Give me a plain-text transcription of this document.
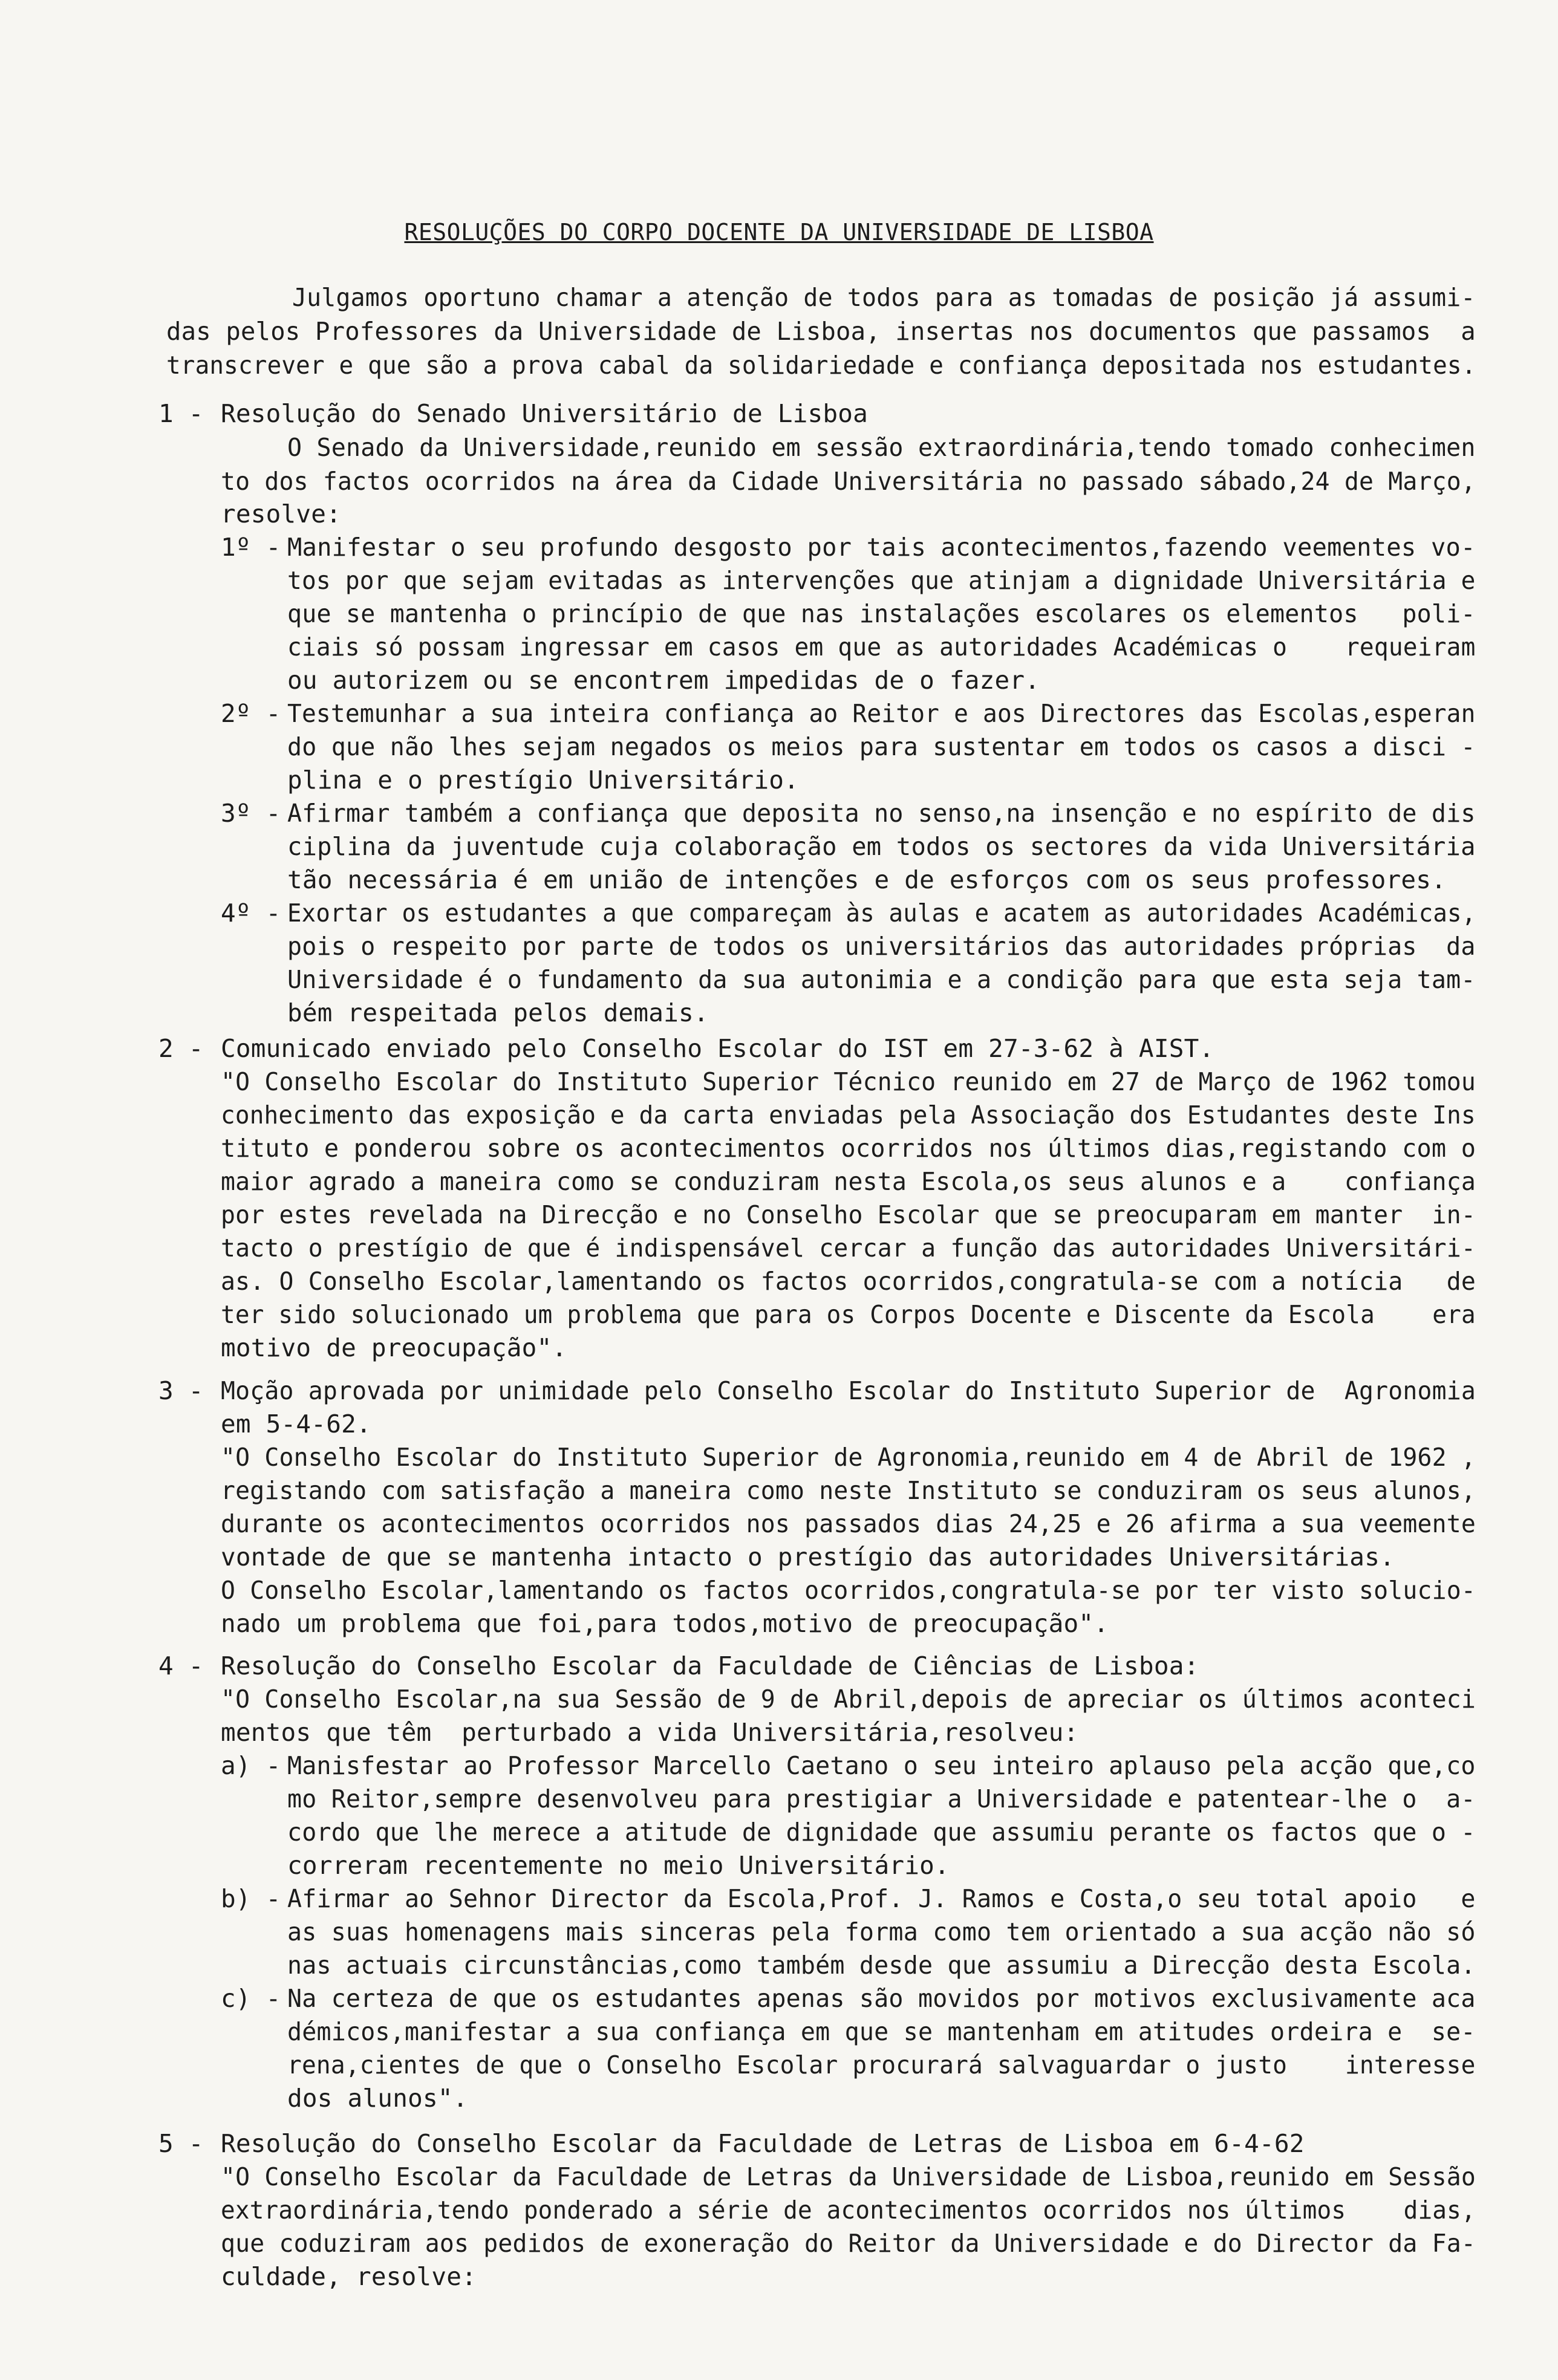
RESOLUÇÕES DO CORPO DOCENTE DA UNIVERSIDADE DE LISBOA
Julgamos oportuno chamar a atenção de todos para as tomadas de posição já assumi-
das pelos Professores da Universidade de Lisboa, insertas nos documentos que passamos  a
transcrever e que são a prova cabal da solidariedade e confiança depositada nos estudantes.
1 - Resolução do Senado Universitário de Lisboa
O Senado da Universidade,reunido em sessão extraordinária,tendo tomado conhecimen
to dos factos ocorridos na área da Cidade Universitária no passado sábado,24 de Março,
resolve:
1º - Manifestar o seu profundo desgosto por tais acontecimentos,fazendo veementes vo-
tos por que sejam evitadas as intervenções que atinjam a dignidade Universitária e
que se mantenha o princípio de que nas instalações escolares os elementos   poli-
ciais só possam ingressar em casos em que as autoridades Académicas o    requeiram
ou autorizem ou se encontrem impedidas de o fazer.
2º - Testemunhar a sua inteira confiança ao Reitor e aos Directores das Escolas,esperan
do que não lhes sejam negados os meios para sustentar em todos os casos a disci -
plina e o prestígio Universitário.
3º - Afirmar também a confiança que deposita no senso,na insenção e no espírito de dis
ciplina da juventude cuja colaboração em todos os sectores da vida Universitária
tão necessária é em união de intenções e de esforços com os seus professores.
4º - Exortar os estudantes a que compareçam às aulas e acatem as autoridades Académicas,
pois o respeito por parte de todos os universitários das autoridades próprias  da
Universidade é o fundamento da sua autonimia e a condição para que esta seja tam-
bém respeitada pelos demais.
2 - Comunicado enviado pelo Conselho Escolar do IST em 27-3-62 à AIST.
"O Conselho Escolar do Instituto Superior Técnico reunido em 27 de Março de 1962 tomou
conhecimento das exposição e da carta enviadas pela Associação dos Estudantes deste Ins
tituto e ponderou sobre os acontecimentos ocorridos nos últimos dias,registando com o
maior agrado a maneira como se conduziram nesta Escola,os seus alunos e a    confiança
por estes revelada na Direcção e no Conselho Escolar que se preocuparam em manter  in-
tacto o prestígio de que é indispensável cercar a função das autoridades Universitári-
as. O Conselho Escolar,lamentando os factos ocorridos,congratula-se com a notícia   de
ter sido solucionado um problema que para os Corpos Docente e Discente da Escola    era
motivo de preocupação".
3 - Moção aprovada por unimidade pelo Conselho Escolar do Instituto Superior de  Agronomia
em 5-4-62.
"O Conselho Escolar do Instituto Superior de Agronomia,reunido em 4 de Abril de 1962 ,
registando com satisfação a maneira como neste Instituto se conduziram os seus alunos,
durante os acontecimentos ocorridos nos passados dias 24,25 e 26 afirma a sua veemente
vontade de que se mantenha intacto o prestígio das autoridades Universitárias.
O Conselho Escolar,lamentando os factos ocorridos,congratula-se por ter visto solucio-
nado um problema que foi,para todos,motivo de preocupação".
4 - Resolução do Conselho Escolar da Faculdade de Ciências de Lisboa:
"O Conselho Escolar,na sua Sessão de 9 de Abril,depois de apreciar os últimos aconteci
mentos que têm  perturbado a vida Universitária,resolveu:
a) - Manisfestar ao Professor Marcello Caetano o seu inteiro aplauso pela acção que,co
mo Reitor,sempre desenvolveu para prestigiar a Universidade e patentear-lhe o  a-
cordo que lhe merece a atitude de dignidade que assumiu perante os factos que o -
correram recentemente no meio Universitário.
b) - Afirmar ao Sehnor Director da Escola,Prof. J. Ramos e Costa,o seu total apoio   e
as suas homenagens mais sinceras pela forma como tem orientado a sua acção não só
nas actuais circunstâncias,como também desde que assumiu a Direcção desta Escola.
c) - Na certeza de que os estudantes apenas são movidos por motivos exclusivamente aca
démicos,manifestar a sua confiança em que se mantenham em atitudes ordeira e  se-
rena,cientes de que o Conselho Escolar procurará salvaguardar o justo    interesse
dos alunos".
5 - Resolução do Conselho Escolar da Faculdade de Letras de Lisboa em 6-4-62
"O Conselho Escolar da Faculdade de Letras da Universidade de Lisboa,reunido em Sessão
extraordinária,tendo ponderado a série de acontecimentos ocorridos nos últimos    dias,
que coduziram aos pedidos de exoneração do Reitor da Universidade e do Director da Fa-
culdade, resolve:
